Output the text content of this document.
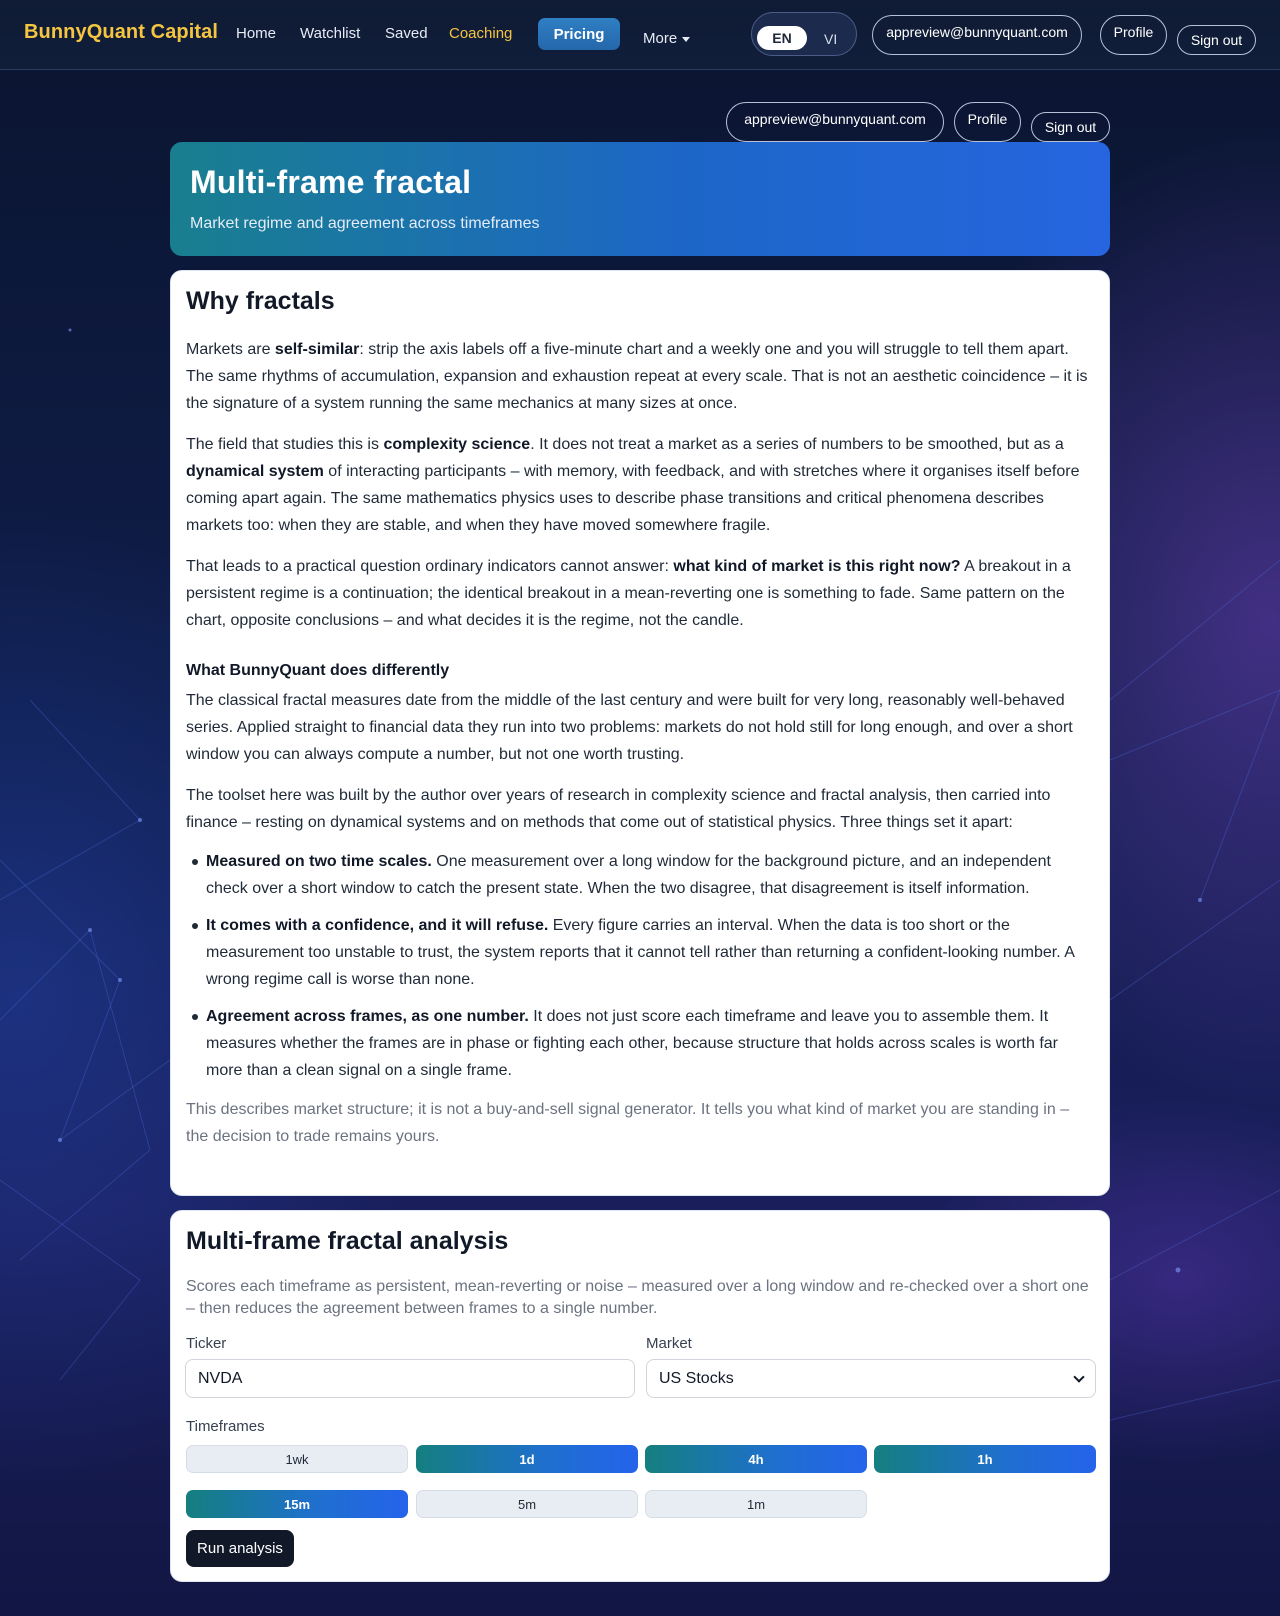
BunnyQuant Capital Home Watchlist Saved Coaching	Pricing	More	EN	VI	appreview@bunnyquant.com	Profile	Sign out
appreview@bunnyquant.com	Profile	Sign out
Multi-frame fractal

Market regime and agreement across timeframes

Why fractals

Markets are self-similar: strip the axis labels off a five-minute chart and a weekly one and you will struggle to tell them apart. The same rhythms of accumulation, expansion and exhaustion repeat at every scale. That is not an aesthetic coincidence – it is the signature of a system running the same mechanics at many sizes at once.

The field that studies this is complexity science. It does not treat a market as a series of numbers to be smoothed, but as a dynamical system of interacting participants – with memory, with feedback, and with stretches where it organises itself before coming apart again. The same mathematics physics uses to describe phase transitions and critical phenomena describes markets too: when they are stable, and when they have moved somewhere fragile.

That leads to a practical question ordinary indicators cannot answer: what kind of market is this right now? A breakout in a persistent regime is a continuation; the identical breakout in a mean-reverting one is something to fade. Same pattern on the chart, opposite conclusions – and what decides it is the regime, not the candle.

What BunnyQuant does differently

The classical fractal measures date from the middle of the last century and were built for very long, reasonably well-behaved series. Applied straight to financial data they run into two problems: markets do not hold still for long enough, and over a short window you can always compute a number, but not one worth trusting.

The toolset here was built by the author over years of research in complexity science and fractal analysis, then carried into finance – resting on dynamical systems and on methods that come out of statistical physics. Three things set it apart:

Measured on two time scales. One measurement over a long window for the background picture, and an independent check over a short window to catch the present state. When the two disagree, that disagreement is itself information.
It comes with a confidence, and it will refuse. Every figure carries an interval. When the data is too short or the measurement too unstable to trust, the system reports that it cannot tell rather than returning a confident-looking number. A wrong regime call is worse than none.
Agreement across frames, as one number. It does not just score each timeframe and leave you to assemble them. It measures whether the frames are in phase or fighting each other, because structure that holds across scales is worth far more than a clean signal on a single frame.

This describes market structure; it is not a buy-and-sell signal generator. It tells you what kind of market you are standing in – the decision to trade remains yours.

Multi-frame fractal analysis

Scores each timeframe as persistent, mean-reverting or noise – measured over a long window and re-checked over a short one – then reduces the agreement between frames to a single number.

Ticker
NVDA
Market
US Stocks
Timeframes
1wk	1d	4h	1h
15m	5m	1m
Run analysis
